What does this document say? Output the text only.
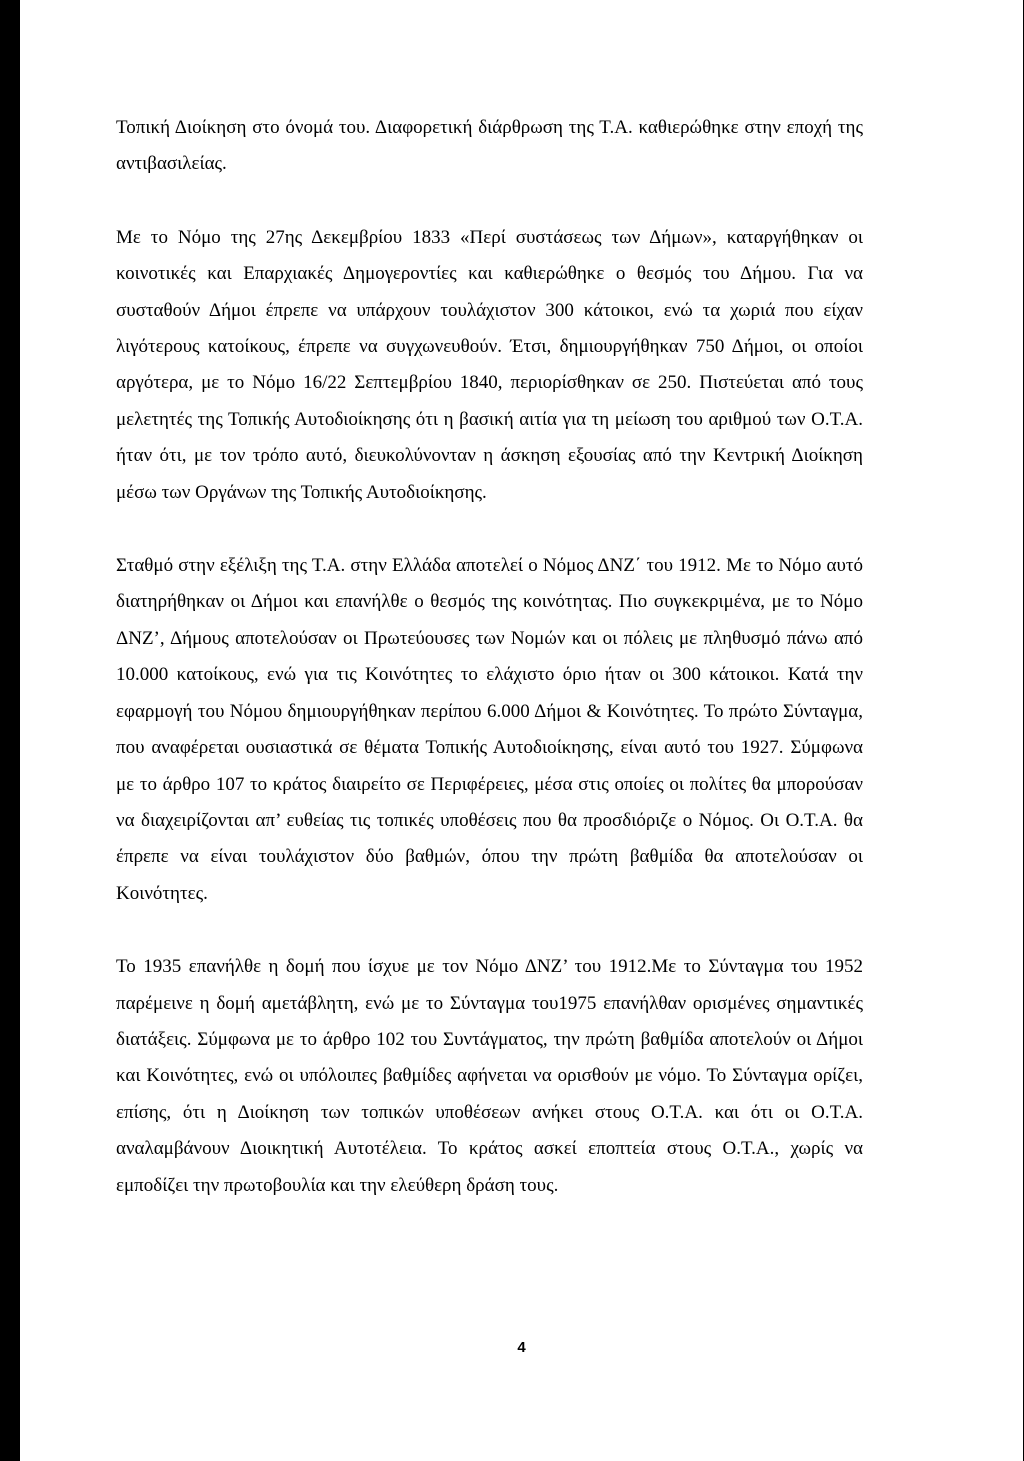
Τοπική Διοίκηση στο όνομά του. Διαφορετική διάρθρωση της Τ.Α. καθιερώθηκε στην εποχή της αντιβασιλείας.

Με το Νόμο της 27ης Δεκεμβρίου 1833 «Περί συστάσεως των Δήμων», καταργήθηκαν οι κοινοτικές και Επαρχιακές Δημογεροντίες και καθιερώθηκε ο θεσμός του Δήμου. Για να συσταθούν Δήμοι έπρεπε να υπάρχουν τουλάχιστον 300 κάτοικοι, ενώ τα χωριά που είχαν λιγότερους κατοίκους, έπρεπε να συγχωνευθούν. Έτσι, δημιουργήθηκαν 750 Δήμοι, οι οποίοι αργότερα, με το Νόμο 16/22 Σεπτεμβρίου 1840, περιορίσθηκαν σε 250. Πιστεύεται από τους μελετητές της Τοπικής Αυτοδιοίκησης ότι η βασική αιτία για τη μείωση του αριθμού των Ο.Τ.Α. ήταν ότι, με τον τρόπο αυτό, διευκολύνονταν η άσκηση εξουσίας από την Κεντρική Διοίκηση μέσω των Οργάνων της Τοπικής Αυτοδιοίκησης.

Σταθμό στην εξέλιξη της Τ.Α. στην Ελλάδα αποτελεί ο Νόμος ΔΝΖ΄ του 1912. Με το Νόμο αυτό διατηρήθηκαν οι Δήμοι και επανήλθε ο θεσμός της κοινότητας. Πιο συγκεκριμένα, με το Νόμο ΔΝΖ’, Δήμους αποτελούσαν οι Πρωτεύουσες των Νομών και οι πόλεις με πληθυσμό πάνω από 10.000 κατοίκους, ενώ για τις Κοινότητες το ελάχιστο όριο ήταν οι 300 κάτοικοι. Κατά την εφαρμογή του Νόμου δημιουργήθηκαν περίπου 6.000 Δήμοι & Κοινότητες. Το πρώτο Σύνταγμα, που αναφέρεται ουσιαστικά σε θέματα Τοπικής Αυτοδιοίκησης, είναι αυτό του 1927. Σύμφωνα με το άρθρο 107 το κράτος διαιρείτο σε Περιφέρειες, μέσα στις οποίες οι πολίτες θα μπορούσαν να διαχειρίζονται απ’ ευθείας τις τοπικές υποθέσεις που θα προσδιόριζε ο Νόμος. Οι Ο.Τ.Α. θα έπρεπε να είναι τουλάχιστον δύο βαθμών, όπου την πρώτη βαθμίδα θα αποτελούσαν οι Κοινότητες.

Το 1935 επανήλθε η δομή που ίσχυε με τον Νόμο ΔΝΖ’ του 1912.Με το Σύνταγμα του 1952 παρέμεινε η δομή αμετάβλητη, ενώ με το Σύνταγμα του1975 επανήλθαν ορισμένες σημαντικές διατάξεις. Σύμφωνα με το άρθρο 102 του Συντάγματος, την πρώτη βαθμίδα αποτελούν οι Δήμοι και Κοινότητες, ενώ οι υπόλοιπες βαθμίδες αφήνεται να ορισθούν με νόμο. Το Σύνταγμα ορίζει, επίσης, ότι η Διοίκηση των τοπικών υποθέσεων ανήκει στους Ο.Τ.Α. και ότι οι Ο.Τ.Α. αναλαμβάνουν Διοικητική Αυτοτέλεια. Το κράτος ασκεί εποπτεία στους Ο.Τ.Α., χωρίς να εμποδίζει την πρωτοβουλία και την ελεύθερη δράση τους.

4
